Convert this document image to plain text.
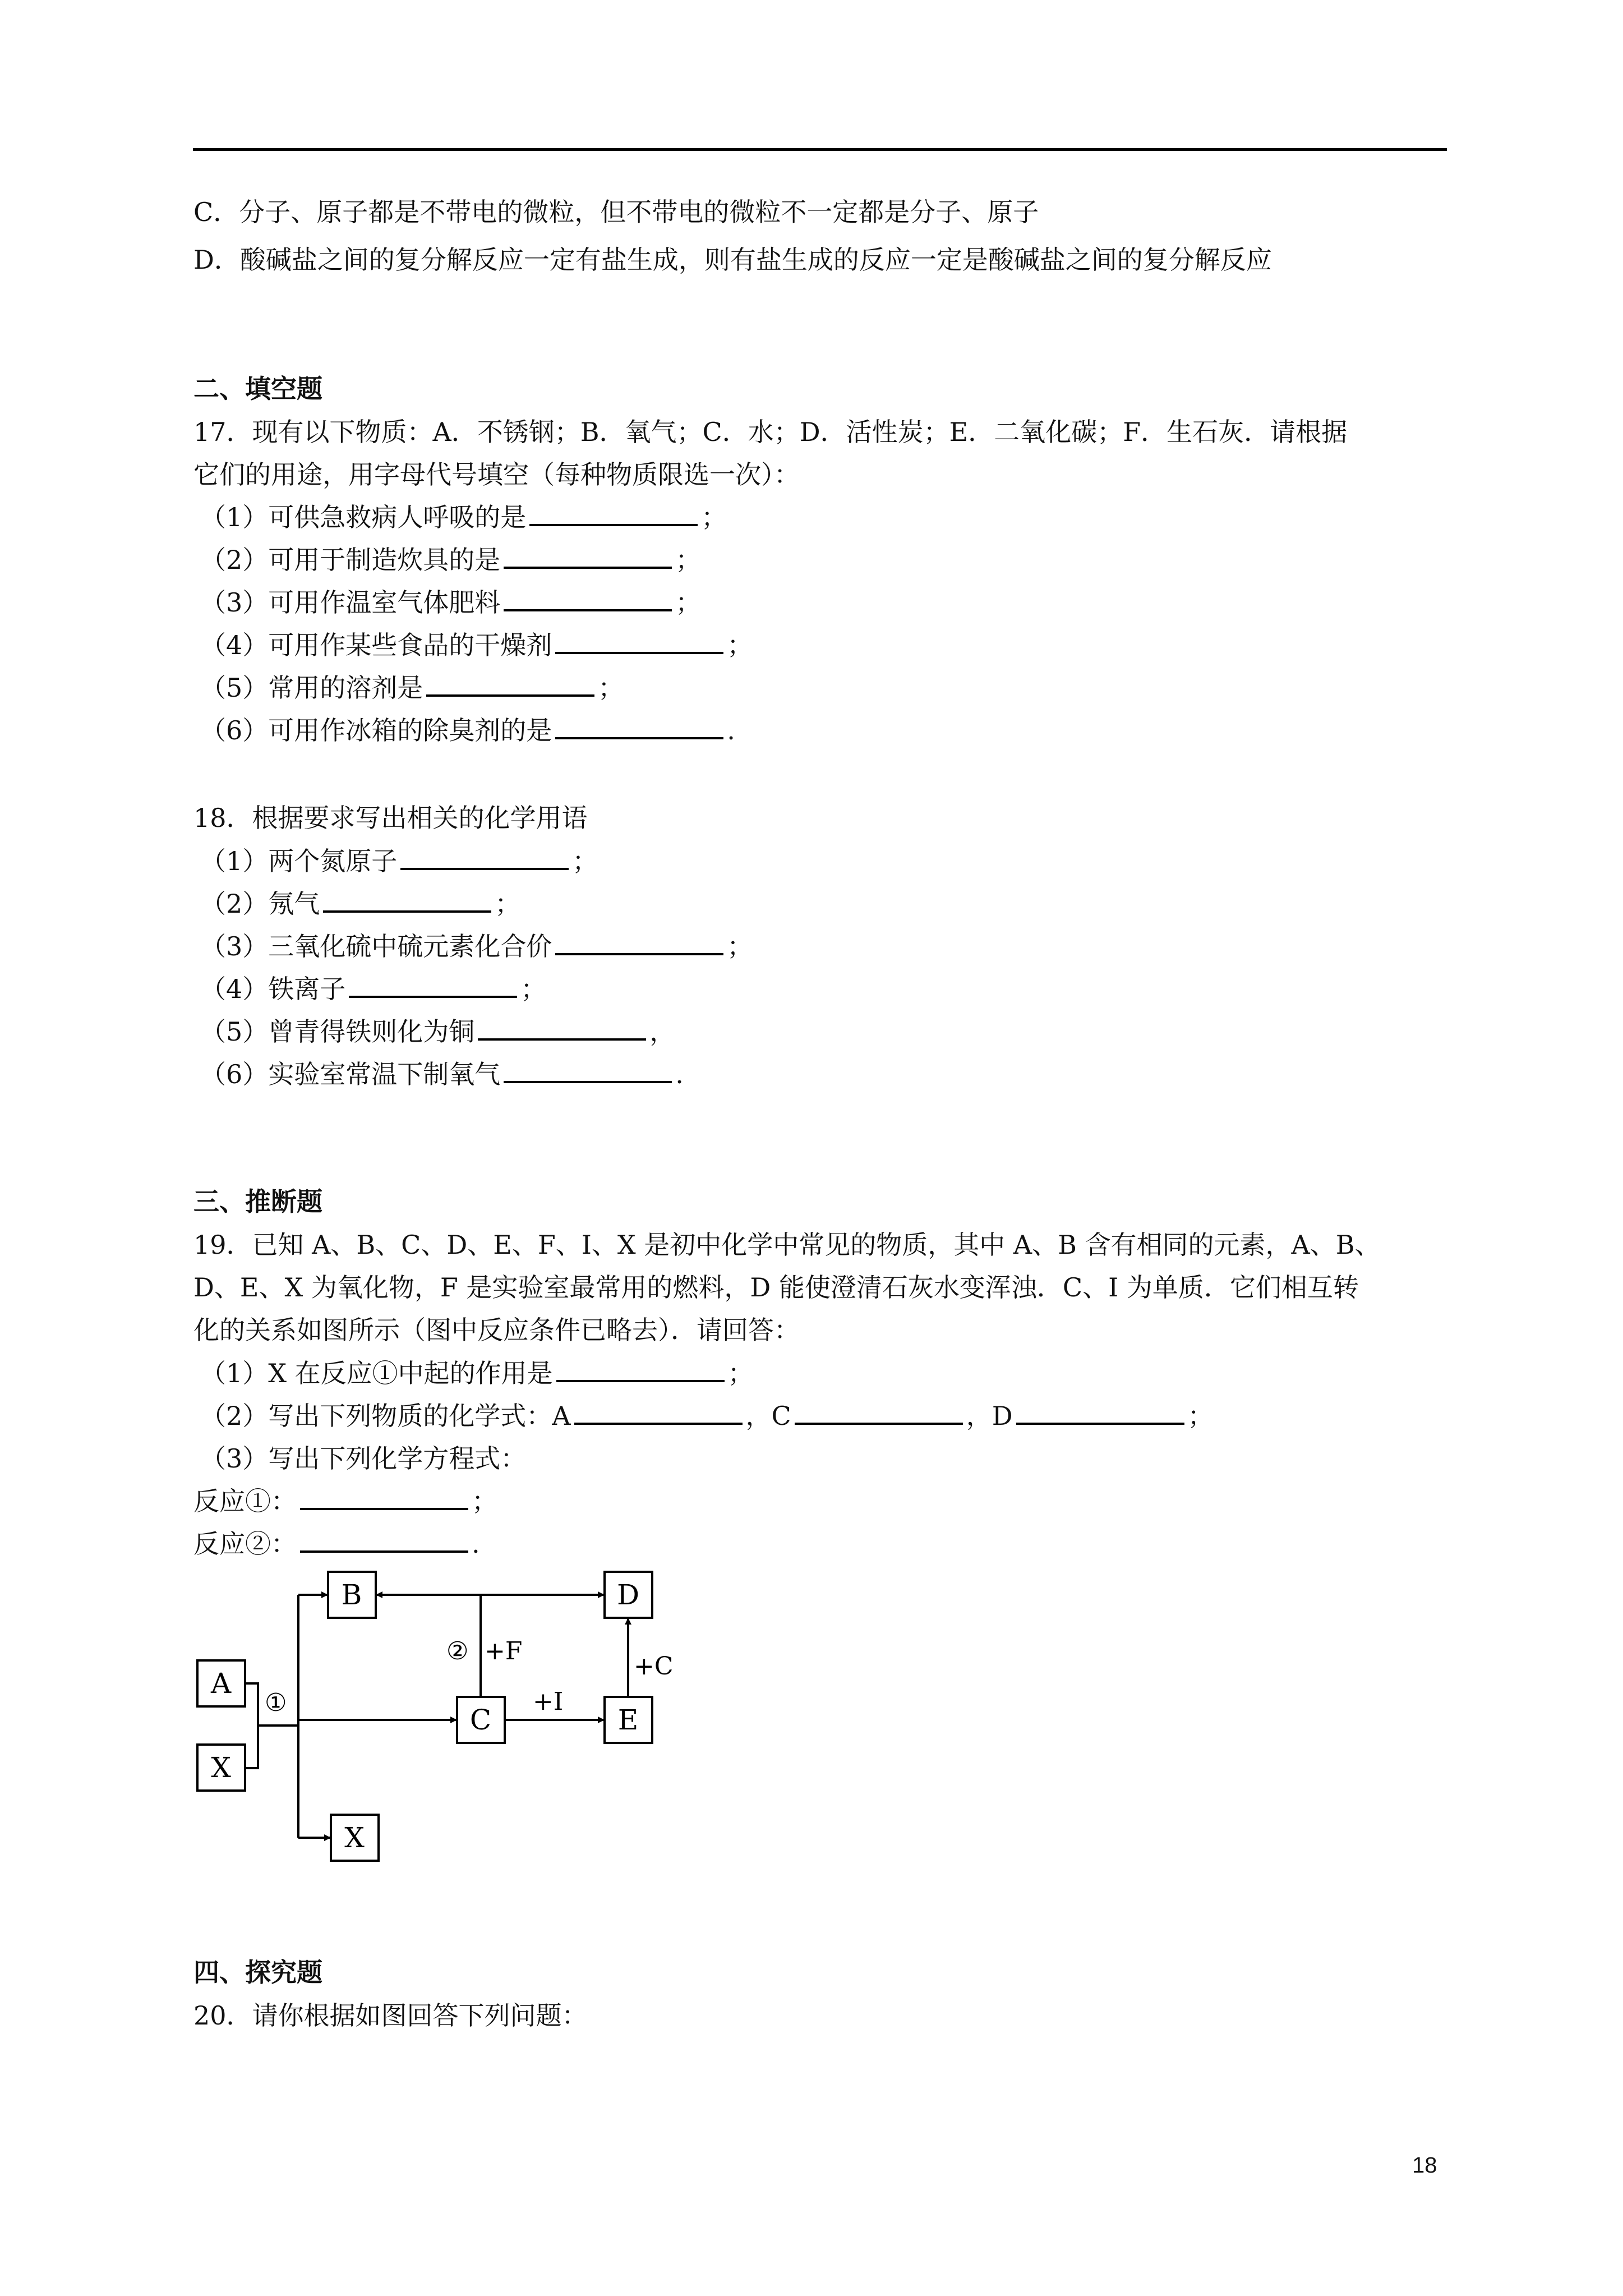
C．分子、原子都是不带电的微粒，但不带电的微粒不一定都是分子、原子
D．酸碱盐之间的复分解反应一定有盐生成，则有盐生成的反应一定是酸碱盐之间的复分解反应
二、填空题
17．现有以下物质：A．不锈钢；B．氧气；C．水；D．活性炭；E．二氧化碳；F．生石灰．请根据
它们的用途，用字母代号填空（每种物质限选一次）：
（1）可供急救病人呼吸的是	；
（2）可用于制造炊具的是	；
（3）可用作温室气体肥料	；
（4）可用作某些食品的干燥剂	；
（5）常用的溶剂是	；
（6）可用作冰箱的除臭剂的是	.
18．根据要求写出相关的化学用语
（1）两个氮原子	；
（2）氖气	；
（3）三氧化硫中硫元素化合价	；
（4）铁离子	；
（5）曾青得铁则化为铜	，
（6）实验室常温下制氧气	.
三、推断题
19．已知 A、B、C、D、E、F、I、X 是初中化学中常见的物质，其中 A、B 含有相同的元素，A、B、
D、E、X 为氧化物，F 是实验室最常用的燃料，D 能使澄清石灰水变浑浊．C、I 为单质．它们相互转
化的关系如图所示（图中反应条件已略去）．请回答：
（1）X 在反应①中起的作用是	；
（2）写出下列物质的化学式：A	，C	，D	；
（3）写出下列化学方程式：
反应①：	；
反应②：	.
B	D
A
X
C	E
X
①
② +F
+I
+C
四、探究题
20．请你根据如图回答下列问题：
18
